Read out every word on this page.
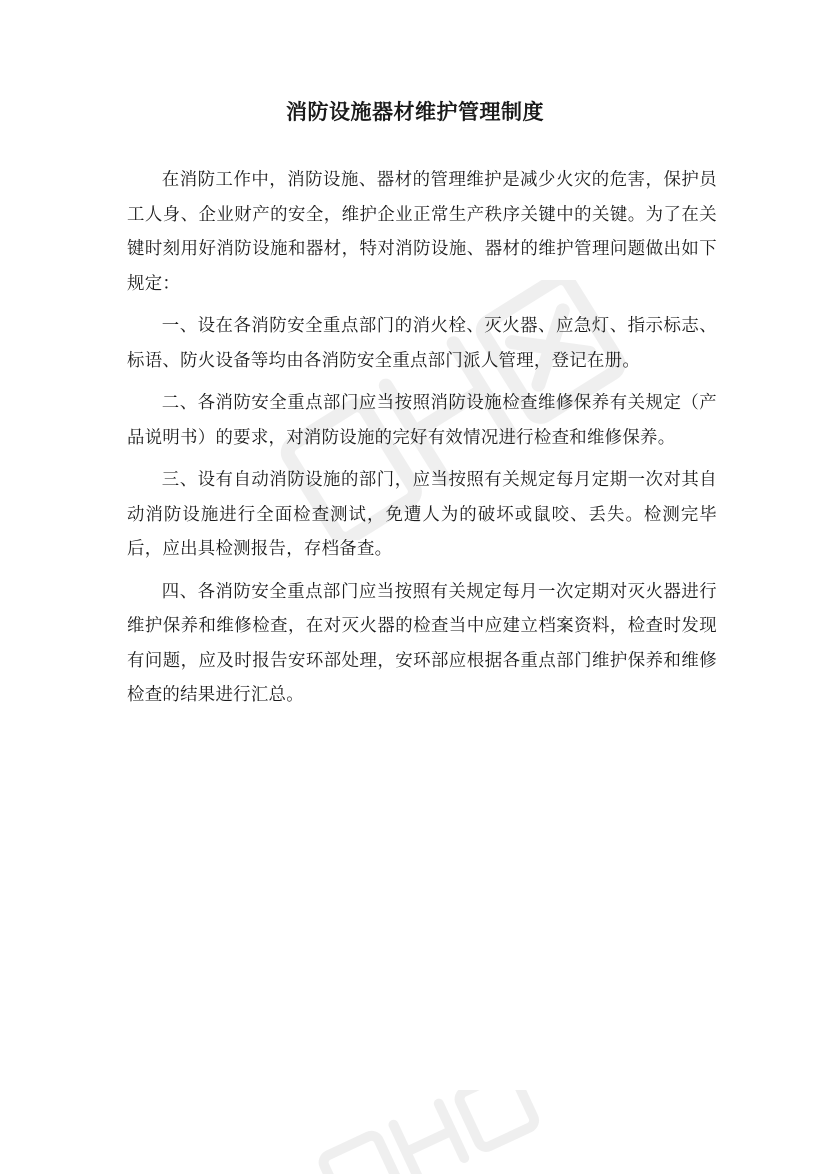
消防设施器材维护管理制度

在消防工作中，消防设施、器材的管理维护是减少火灾的危害，保护员工人身、企业财产的安全，维护企业正常生产秩序关键中的关键。为了在关键时刻用好消防设施和器材，特对消防设施、器材的维护管理问题做出如下规定：

一、设在各消防安全重点部门的消火栓、灭火器、应急灯、指示标志、标语、防火设备等均由各消防安全重点部门派人管理，登记在册。

二、各消防安全重点部门应当按照消防设施检查维修保养有关规定（产品说明书）的要求，对消防设施的完好有效情况进行检查和维修保养。

三、设有自动消防设施的部门，应当按照有关规定每月定期一次对其自动消防设施进行全面检查测试，免遭人为的破坏或鼠咬、丢失。检测完毕后，应出具检测报告，存档备查。

四、各消防安全重点部门应当按照有关规定每月一次定期对灭火器进行维护保养和维修检查，在对灭火器的检查当中应建立档案资料，检查时发现有问题，应及时报告安环部处理，安环部应根据各重点部门维护保养和维修检查的结果进行汇总。
